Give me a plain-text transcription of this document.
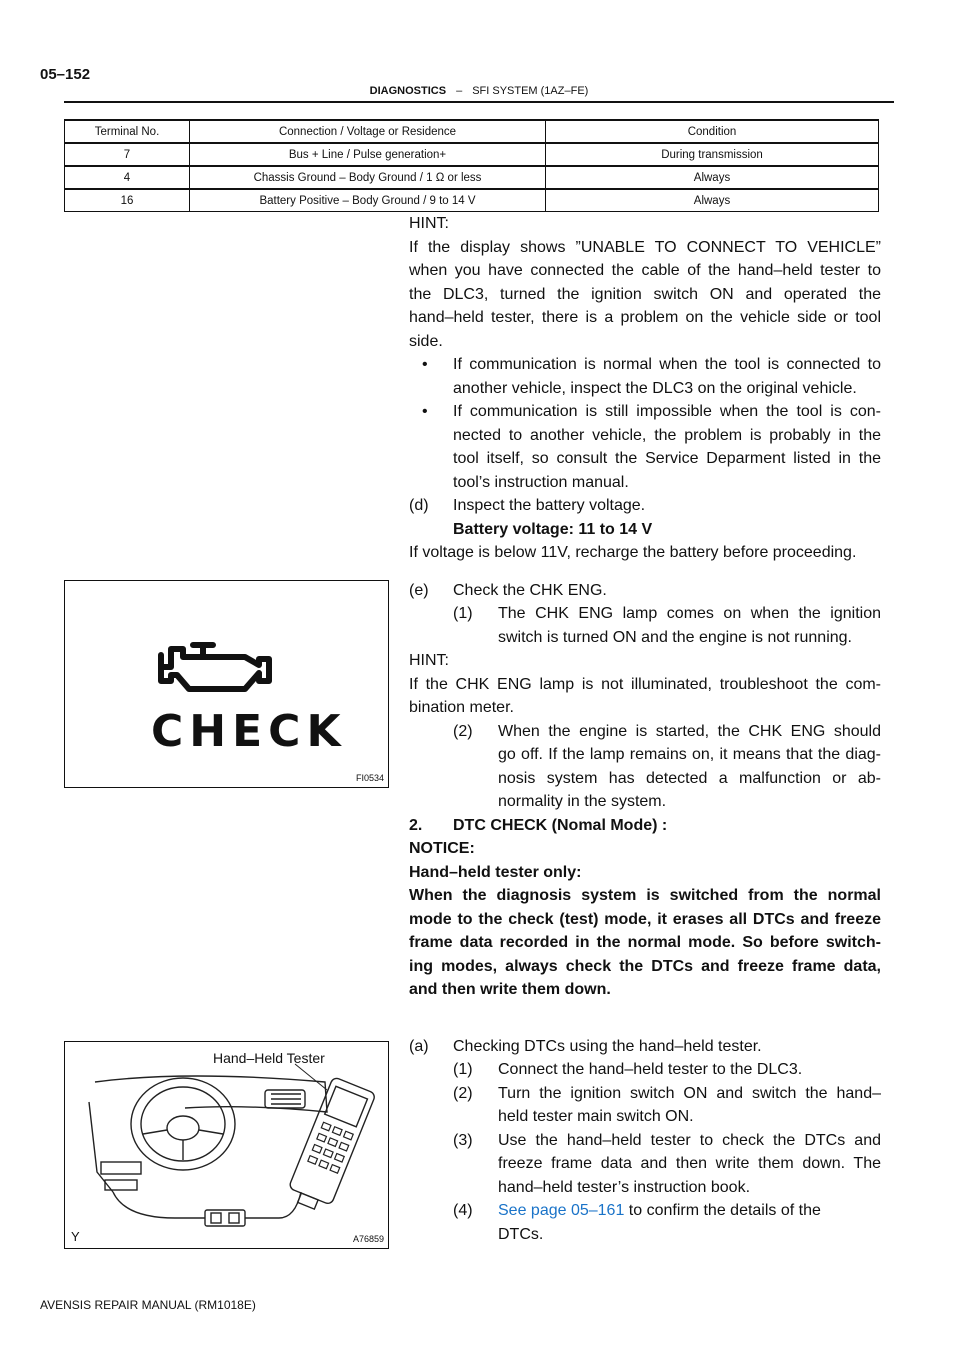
05–152
DIAGNOSTICS – SFI SYSTEM (1AZ–FE)
Terminal No.	Connection / Voltage or Residence	Condition
7	Bus + Line / Pulse generation+	During transmission
4	Chassis Ground – Body Ground / 1 Ω or less	Always
16	Battery Positive – Body Ground / 9 to 14 V	Always

HINT:

If the display shows ”UNABLE TO CONNECT TO VEHICLE”

when you have connected the cable of the hand–held tester to

the DLC3, turned the ignition switch ON and operated the

hand–held tester, there is a problem on the vehicle side or tool

side.

• If communication is normal when the tool is connected to

another vehicle, inspect the DLC3 on the original vehicle.

• If communication is still impossible when the tool is con-

nected to another vehicle, the problem is probably in the

tool itself, so consult the Service Deparment listed in the

tool’s instruction manual.

(d) Inspect the battery voltage.

Battery voltage: 11 to 14 V

If voltage is below 11V, recharge the battery before proceeding.

(e) Check the CHK ENG.

(1) The CHK ENG lamp comes on when the ignition

switch is turned ON and the engine is not running.

HINT:

If the CHK ENG lamp is not illuminated, troubleshoot the com-

bination meter.

(2) When the engine is started, the CHK ENG should

go off. If the lamp remains on, it means that the diag-

nosis system has detected a malfunction or ab-

normality in the system.

2. DTC CHECK (Nomal Mode) :

NOTICE:

Hand–held tester only:

When the diagnosis system is switched from the normal

mode to the check (test) mode, it erases all DTCs and freeze

frame data recorded in the normal mode. So before switch-

ing modes, always check the DTCs and freeze frame data,

and then write them down.

(a) Checking DTCs using the hand–held tester.

(1) Connect the hand–held tester to the DLC3.

(2) Turn the ignition switch ON and switch the hand–

held tester main switch ON.

(3) Use the hand–held tester to check the DTCs and

freeze frame data and then write them down. The

hand–held tester’s instruction book.

(4) See page 05–161 to confirm the details of the

DTCs.

CHECK
FI0534
Hand–Held Tester
Y	A76859
AVENSIS REPAIR MANUAL (RM1018E)
